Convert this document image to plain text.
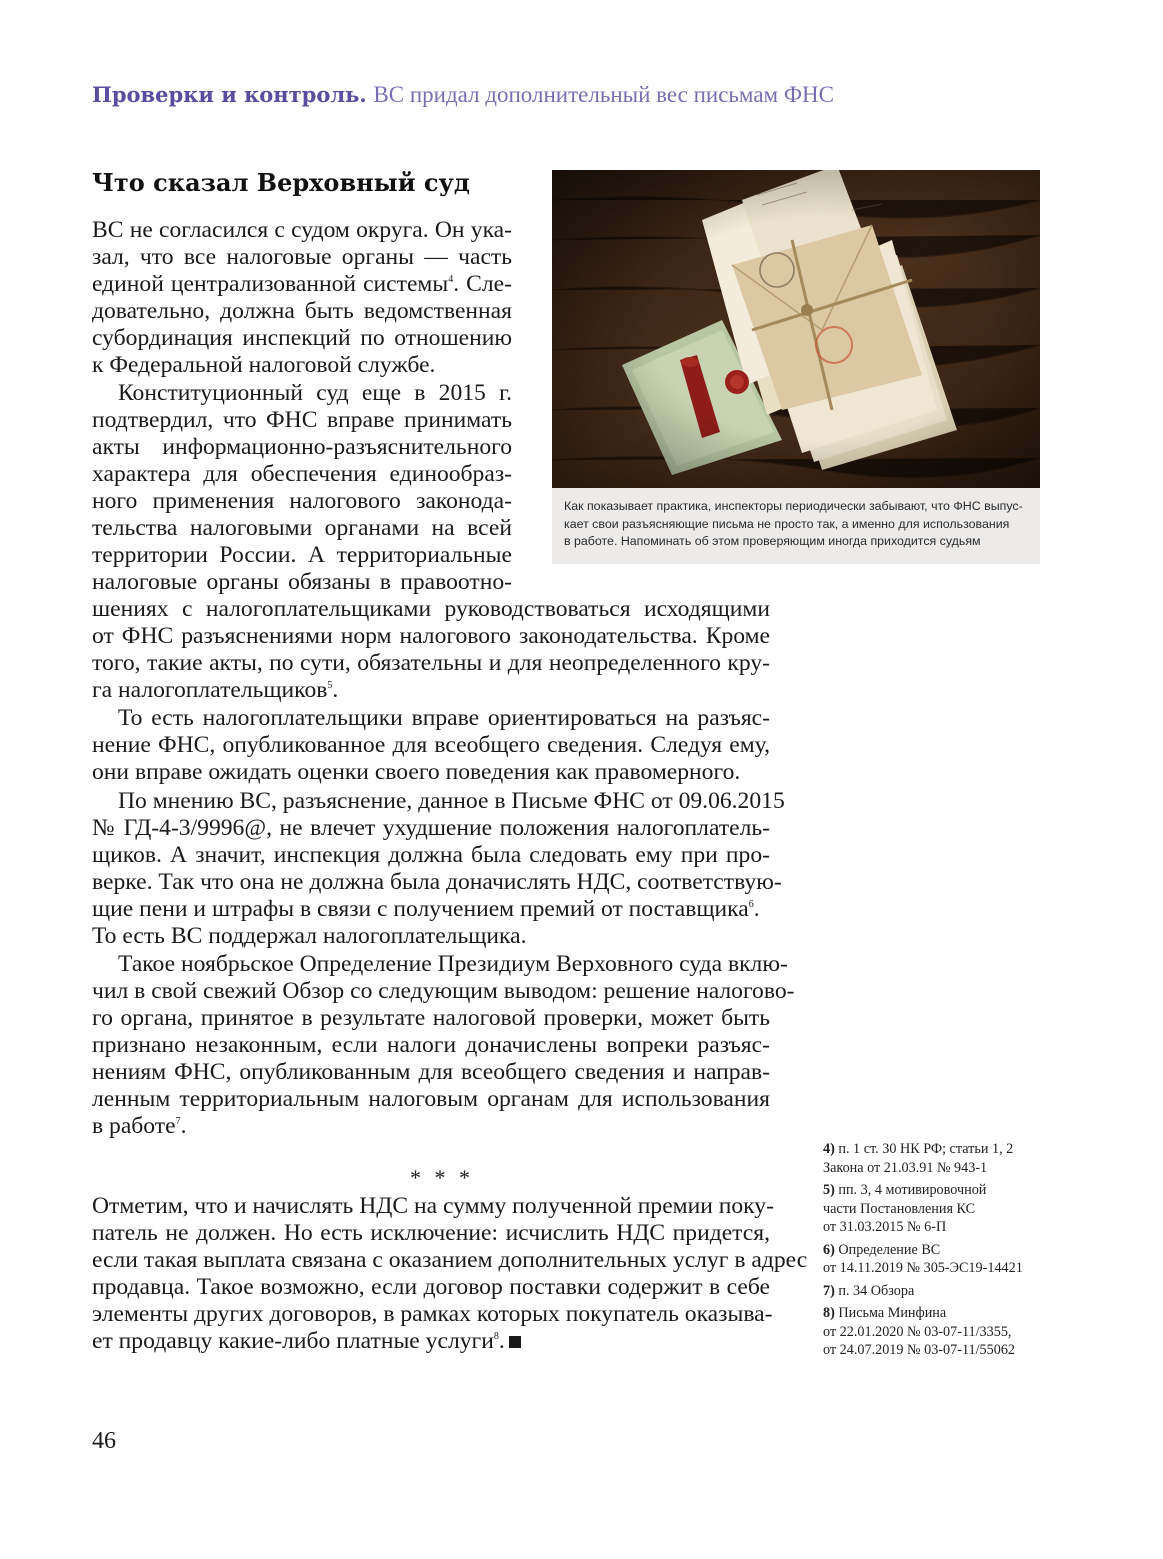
Проверки и контроль. ВС придал дополнительный вес письмам ФНС
Что сказал Верховный суд
ВС не согласился с судом округа. Он ука-
зал, что все налоговые органы — часть
единой централизованной системы$^4$. Сле-
довательно, должна быть ведомственная
субординация инспекций по отношению
к Федеральной налоговой службе.
Конституционный суд еще в 2015 г.
подтвердил, что ФНС вправе принимать
акты информационно-разъяснительного
характера для обеспечения единообраз-
ного применения налогового законода-
тельства налоговыми органами на всей
территории России. А территориальные
налоговые органы обязаны в правоотно-
шениях с налогоплательщиками руководствоваться исходящими
от ФНС разъяснениями норм налогового законодательства. Кроме
того, такие акты, по сути, обязательны и для неопределенного кру-
га налогоплательщиков$^5$.
То есть налогоплательщики вправе ориентироваться на разъяс-
нение ФНС, опубликованное для всеобщего сведения. Следуя ему,
они вправе ожидать оценки своего поведения как правомерного.
По мнению ВС, разъяснение, данное в Письме ФНС от 09.06.2015
№ ГД-4-3/9996@, не влечет ухудшение положения налогоплатель-
щиков. А значит, инспекция должна была следовать ему при про-
верке. Так что она не должна была доначислять НДС, соответствую-
щие пени и штрафы в связи с получением премий от поставщика$^6$.
То есть ВС поддержал налогоплательщика.
Такое ноябрьское Определение Президиум Верховного суда вклю-
чил в свой свежий Обзор со следующим выводом: решение налогово-
го органа, принятое в результате налоговой проверки, может быть
признано незаконным, если налоги доначислены вопреки разъяс-
нениям ФНС, опубликованным для всеобщего сведения и направ-
ленным территориальным налоговым органам для использования
в работе$^7$.
Отметим, что и начислять НДС на сумму полученной премии поку-
патель не должен. Но есть исключение: исчислить НДС придется,
если такая выплата связана с оказанием дополнительных услуг в адрес
продавца. Такое возможно, если договор поставки содержит в себе
элементы других договоров, в рамках которых покупатель оказыва-
ет продавцу какие-либо платные услуги$^8$.
* * *
Как показывает практика, инспекторы периодически забывают, что ФНС выпус-
кает свои разъясняющие письма не просто так, а именно для использования
в работе. Напоминать об этом проверяющим иногда приходится судьям
4) п. 1 ст. 30 НК РФ; статьи 1, 2
Закона от 21.03.91 № 943-1
5) пп. 3, 4 мотивировочной
части Постановления КС
от 31.03.2015 № 6-П
6) Определение ВС
от 14.11.2019 № 305-ЭС19-14421
7) п. 34 Обзора
8) Письма Минфина
от 22.01.2020 № 03-07-11/3355,
от 24.07.2019 № 03-07-11/55062
46
